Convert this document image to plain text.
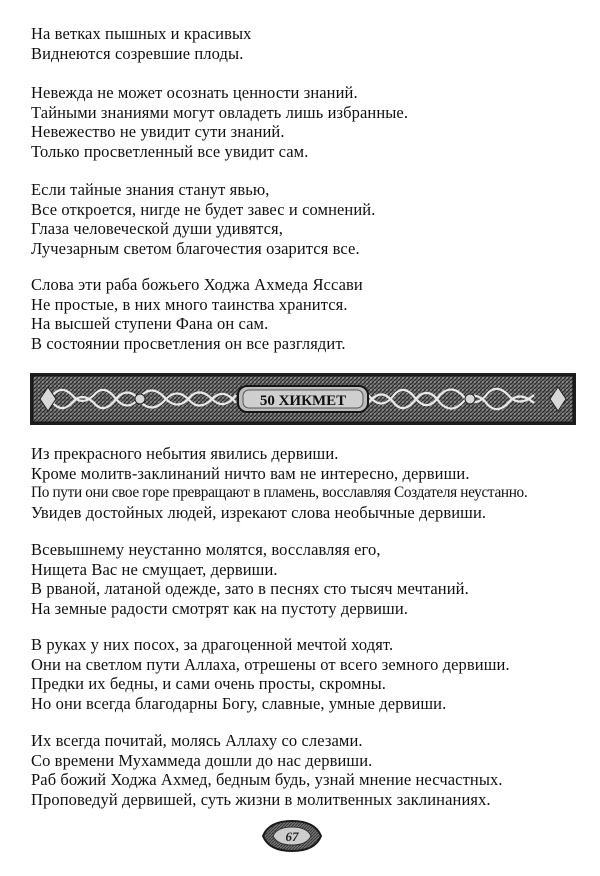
На ветках пышных и красивых
Виднеются созревшие плоды.
Невежда не может осознать ценности знаний.
Тайными знаниями могут овладеть лишь избранные.
Невежество не увидит сути знаний.
Только просветленный все увидит сам.
Если тайные знания станут явью,
Все откроется, нигде не будет завес и сомнений.
Глаза человеческой души удивятся,
Лучезарным светом благочестия озарится все.
Слова эти раба божьего Ходжа Ахмеда Яссави
Не простые, в них много таинства хранится.
На высшей ступени Фана он сам.
В состоянии просветления он все разглядит.
50 ХИКМЕТ
Из прекрасного небытия явились дервиши.
Кроме молитв-заклинаний ничто вам не интересно, дервиши.
По пути они свое горе превращают в пламень, восславляя Создателя неустанно.
Увидев достойных людей, изрекают слова необычные дервиши.
Всевышнему неустанно молятся, восславляя его,
Нищета Вас не смущает, дервиши.
В рваной, латаной одежде, зато в песнях сто тысяч мечтаний.
На земные радости смотрят как на пустоту дервиши.
В руках у них посох, за драгоценной мечтой ходят.
Они на светлом пути Аллаха, отрешены от всего земного дервиши.
Предки их бедны, и сами очень просты, скромны.
Но они всегда благодарны Богу, славные, умные дервиши.
Их всегда почитай, молясь Аллаху со слезами.
Со времени Мухаммеда дошли до нас дервиши.
Раб божий Ходжа Ахмед, бедным будь, узнай мнение несчастных.
Проповедуй дервишей, суть жизни в молитвенных заклинаниях.
67
